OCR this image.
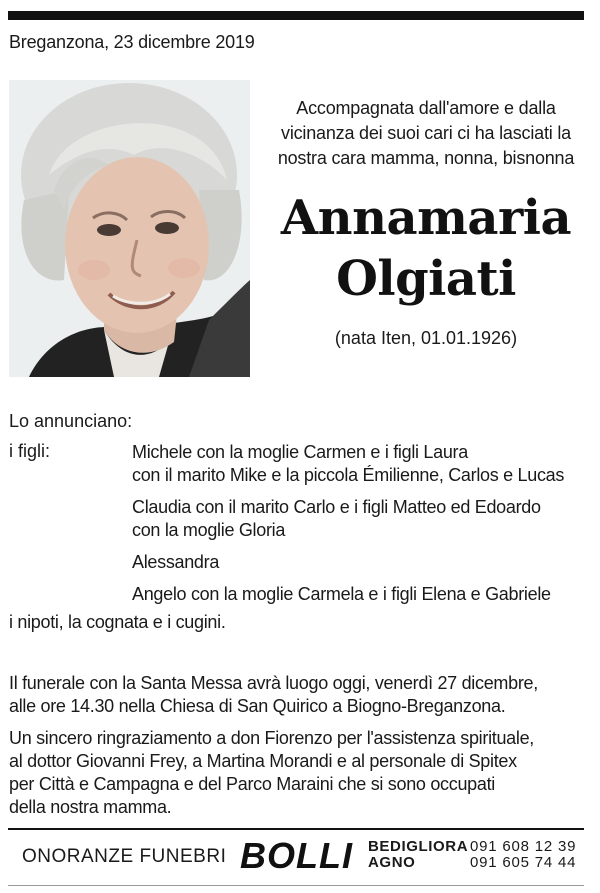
Breganzona, 23 dicembre 2019
Accompagnata dall'amore e dalla
vicinanza dei suoi cari ci ha lasciati la
nostra cara mamma, nonna, bisnonna
Annamaria
Olgiati
(nata Iten, 01.01.1926)
Lo annunciano:
i figli:	Michele con la moglie Carmen e i figli Laura
con il marito Mike e la piccola Émilienne, Carlos e Lucas

Claudia con il marito Carlo e i figli Matteo ed Edoardo
con la moglie Gloria

Alessandra

Angelo con la moglie Carmela e i figli Elena e Gabriele

i nipoti, la cognata e i cugini.
Il funerale con la Santa Messa avrà luogo oggi, venerdì 27 dicembre,
alle ore 14.30 nella Chiesa di San Quirico a Biogno-Breganzona.
Un sincero ringraziamento a don Fiorenzo per l'assistenza spirituale,
al dottor Giovanni Frey, a Martina Morandi e al personale di Spitex
per Città e Campagna e del Parco Maraini che si sono occupati
della nostra mamma.
ONORANZE FUNEBRI BOLLI BEDIGLIORA 091 608 12 39
AGNO	091 605 74 44
